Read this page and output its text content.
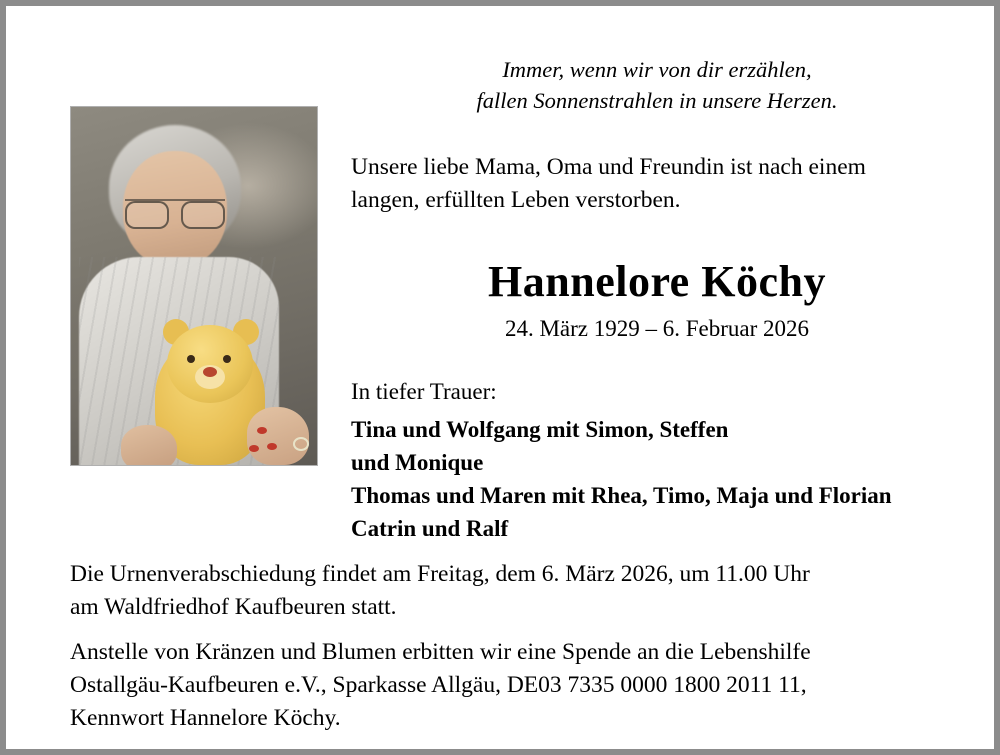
Immer, wenn wir von dir erzählen,
fallen Sonnenstrahlen in unsere Herzen.
Unsere liebe Mama, Oma und Freundin ist nach einem
langen, erfüllten Leben verstorben.
Hannelore Köchy
24. März 1929 – 6. Februar 2026
In tiefer Trauer:
Tina und Wolfgang mit Simon, Steffen
und Monique
Thomas und Maren mit Rhea, Timo, Maja und Florian
Catrin und Ralf
Die Urnenverabschiedung findet am Freitag, dem 6. März 2026, um 11.00 Uhr
am Waldfriedhof Kaufbeuren statt.
Anstelle von Kränzen und Blumen erbitten wir eine Spende an die Lebenshilfe
Ostallgäu-Kaufbeuren e.V., Sparkasse Allgäu, DE03 7335 0000 1800 2011 11,
Kennwort Hannelore Köchy.
